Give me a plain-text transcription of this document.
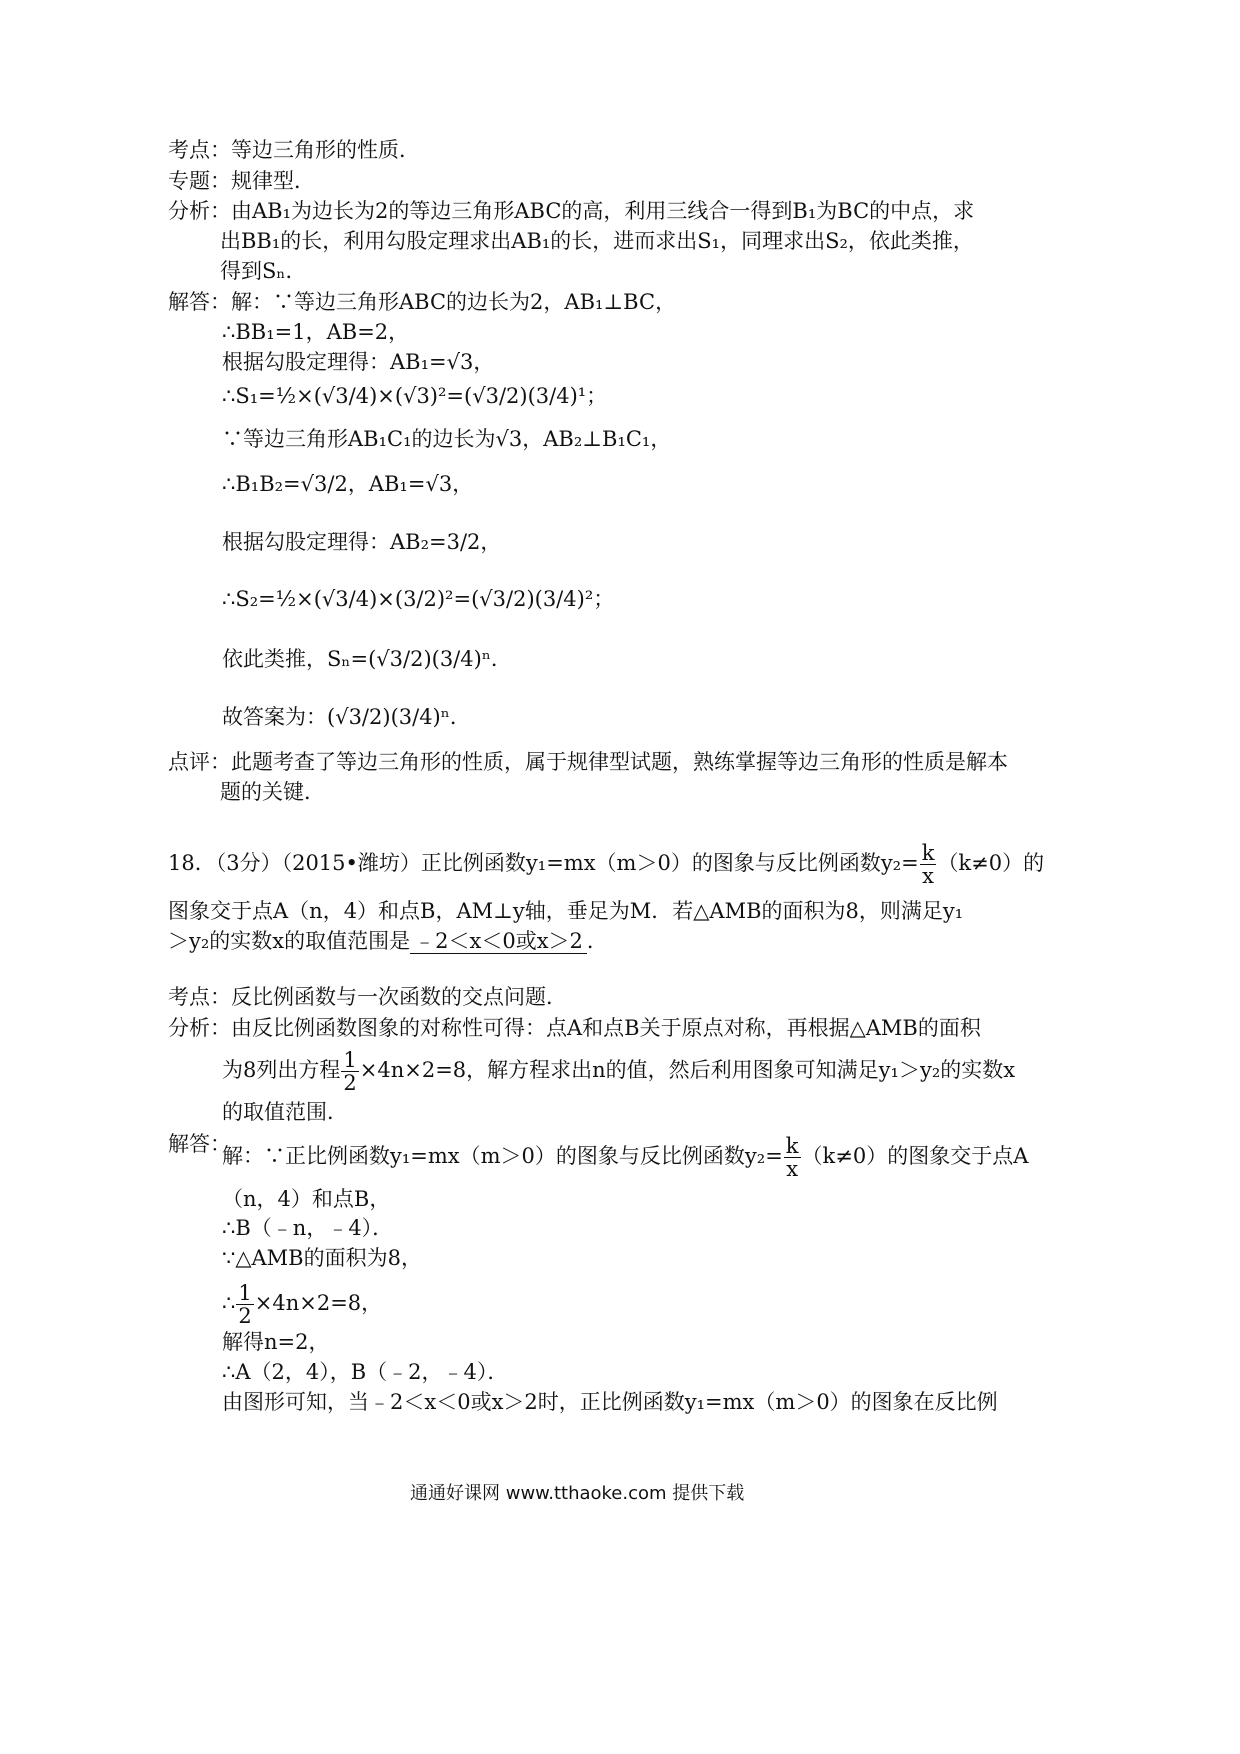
考点：等边三角形的性质．
专题：规律型．
分析：由AB₁为边长为2的等边三角形ABC的高，利用三线合一得到B₁为BC的中点，求
出BB₁的长，利用勾股定理求出AB₁的长，进而求出S₁，同理求出S₂，依此类推，
得到Sₙ．
解答：解：∵等边三角形ABC的边长为2，AB₁⊥BC，
∴BB₁=1，AB=2，
根据勾股定理得：AB₁=√3，
∴S₁=½×(√3/4)×(√3)²=(√3/2)(3/4)¹；
∵等边三角形AB₁C₁的边长为√3，AB₂⊥B₁C₁，
∴B₁B₂=√3/2，AB₁=√3，
根据勾股定理得：AB₂=3/2，
∴S₂=½×(√3/4)×(3/2)²=(√3/2)(3/4)²；
依此类推，Sₙ=(√3/2)(3/4)ⁿ．
故答案为：(√3/2)(3/4)ⁿ．
点评：此题考查了等边三角形的性质，属于规律型试题，熟练掌握等边三角形的性质是解本
题的关键．
18．（3分）（2015•潍坊）正比例函数y₁=mx（m＞0）的图象与反比例函数$y_2= \frac{k}{x} (k\ne 0)$的
图象交于点A（n，4）和点B，AM⊥y轴，垂足为M．若△AMB的面积为8，则满足y₁
＞y₂的实数x的取值范围是 ﹣2＜x＜0或x＞2 ．
考点：反比例函数与一次函数的交点问题．
分析：由反比例函数图象的对称性可得：点A和点B关于原点对称，再根据△AMB的面积
为8列出方程 $\frac{1}{2} \times 4n\times 2=8$，解方程求出n的值，然后利用图象可知满足y₁＞y₂的实数x
的取值范围．
解答：
解：∵正比例函数y₁=mx（m＞0）的图象与反比例函数$y_2= \frac{k}{x} (k\ne 0)$的图象交于点A
（n，4）和点B，
∴B（﹣n，﹣4）．
∵△AMB的面积为8，
∴ $\frac{1}{2} \times 4n\times 2=8$，
解得n=2，
∴A（2，4），B（﹣2，﹣4）．
由图形可知，当﹣2＜x＜0或x＞2时，正比例函数y₁=mx（m＞0）的图象在反比例
通通好课网 www.tthaoke.com 提供下载
